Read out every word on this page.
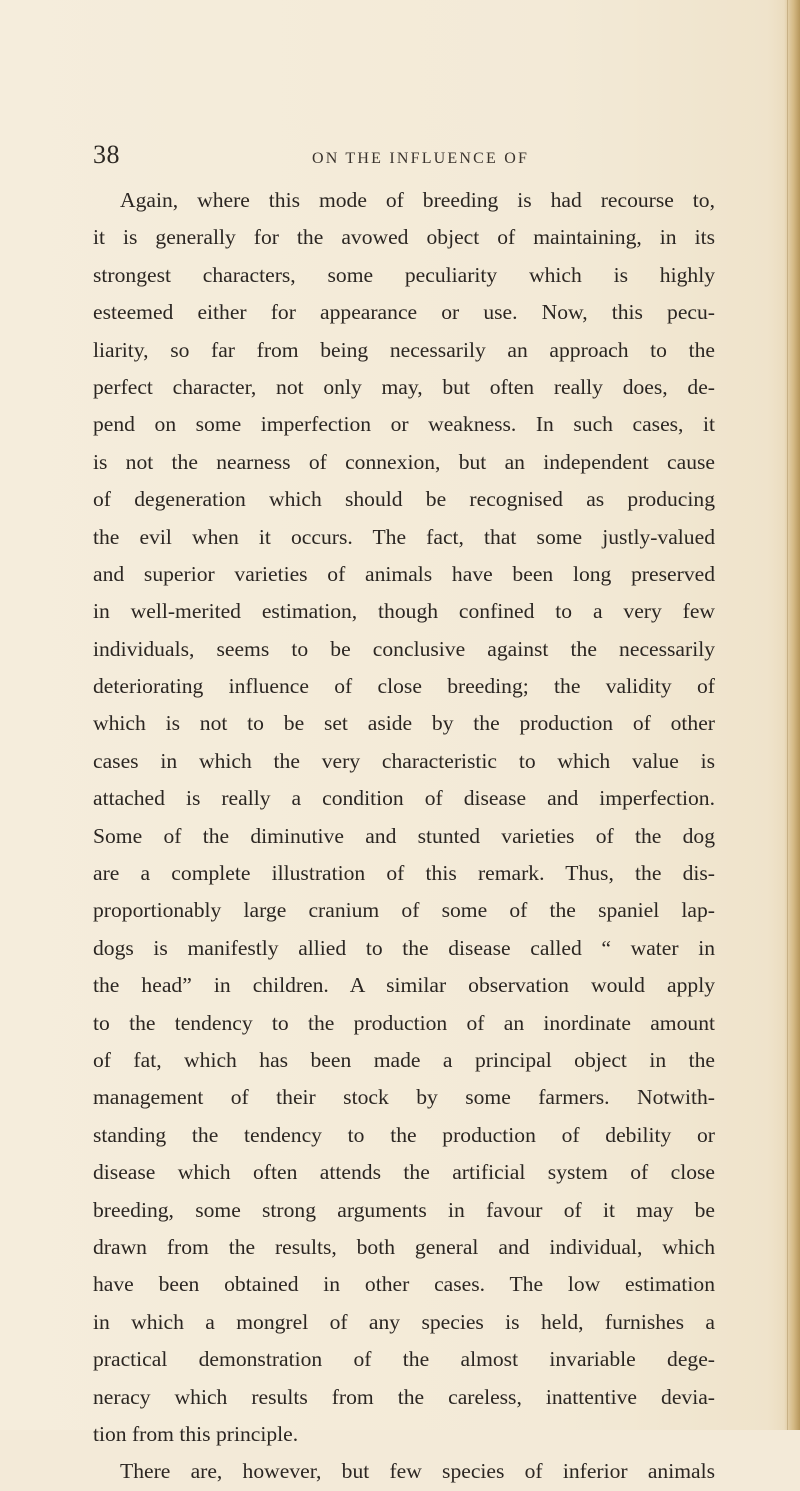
38	ON THE INFLUENCE OF
Again, where this mode of breeding is had recourse to,
it is generally for the avowed object of maintaining, in its
strongest characters, some peculiarity which is highly
esteemed either for appearance or use. Now, this pecu-
liarity, so far from being necessarily an approach to the
perfect character, not only may, but often really does, de-
pend on some imperfection or weakness. In such cases, it
is not the nearness of connexion, but an independent cause
of degeneration which should be recognised as producing
the evil when it occurs. The fact, that some justly-valued
and superior varieties of animals have been long preserved
in well-merited estimation, though confined to a very few
individuals, seems to be conclusive against the necessarily
deteriorating influence of close breeding; the validity of
which is not to be set aside by the production of other
cases in which the very characteristic to which value is
attached is really a condition of disease and imperfection.
Some of the diminutive and stunted varieties of the dog
are a complete illustration of this remark. Thus, the dis-
proportionably large cranium of some of the spaniel lap-
dogs is manifestly allied to the disease called “ water in
the head” in children. A similar observation would apply
to the tendency to the production of an inordinate amount
of fat, which has been made a principal object in the
management of their stock by some farmers. Notwith-
standing the tendency to the production of debility or
disease which often attends the artificial system of close
breeding, some strong arguments in favour of it may be
drawn from the results, both general and individual, which
have been obtained in other cases. The low estimation
in which a mongrel of any species is held, furnishes a
practical demonstration of the almost invariable dege-
neracy which results from the careless, inattentive devia-
tion from this principle.
There are, however, but few species of inferior animals
